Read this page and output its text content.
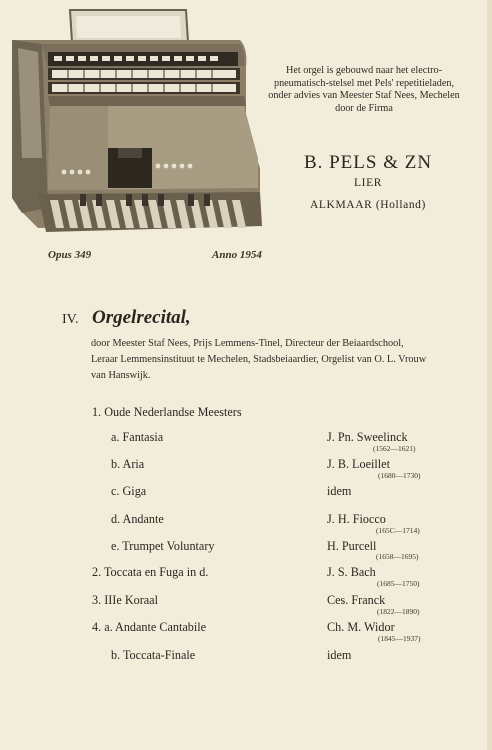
Opus 349	Anno 1954
Het orgel is gebouwd naar het electro-pneumatisch-stelsel met Pels' repetitieladen, onder advies van Meester Staf Nees, Mechelen door de Firma
B. PELS & ZN
LIER
ALKMAAR (Holland)
IV. Orgelrecital,
door Meester Staf Nees, Prijs Lemmens-Tinel, Directeur der Beiaardschool, Leraar Lemmensinstituut te Mechelen, Stadsbeiaardier, Orgelist van O. L. Vrouw van Hanswijk.
1. Oude Nederlandse Meesters
a. Fantasia	J. Pn. Sweelinck
(1562—1621)
b. Aria	J. B. Loeillet
(1680—1730)
c. Giga	idem
d. Andante	J. H. Fiocco
(165C—1714)
e. Trumpet Voluntary	H. Purcell
(1658—1695)
2. Toccata en Fuga in d.	J. S. Bach
(1685—1750)
3. IIIe Koraal	Ces. Franck
(1822—1890)
4. a. Andante Cantabile	Ch. M. Widor
(1845—1937)
b. Toccata-Finale	idem
